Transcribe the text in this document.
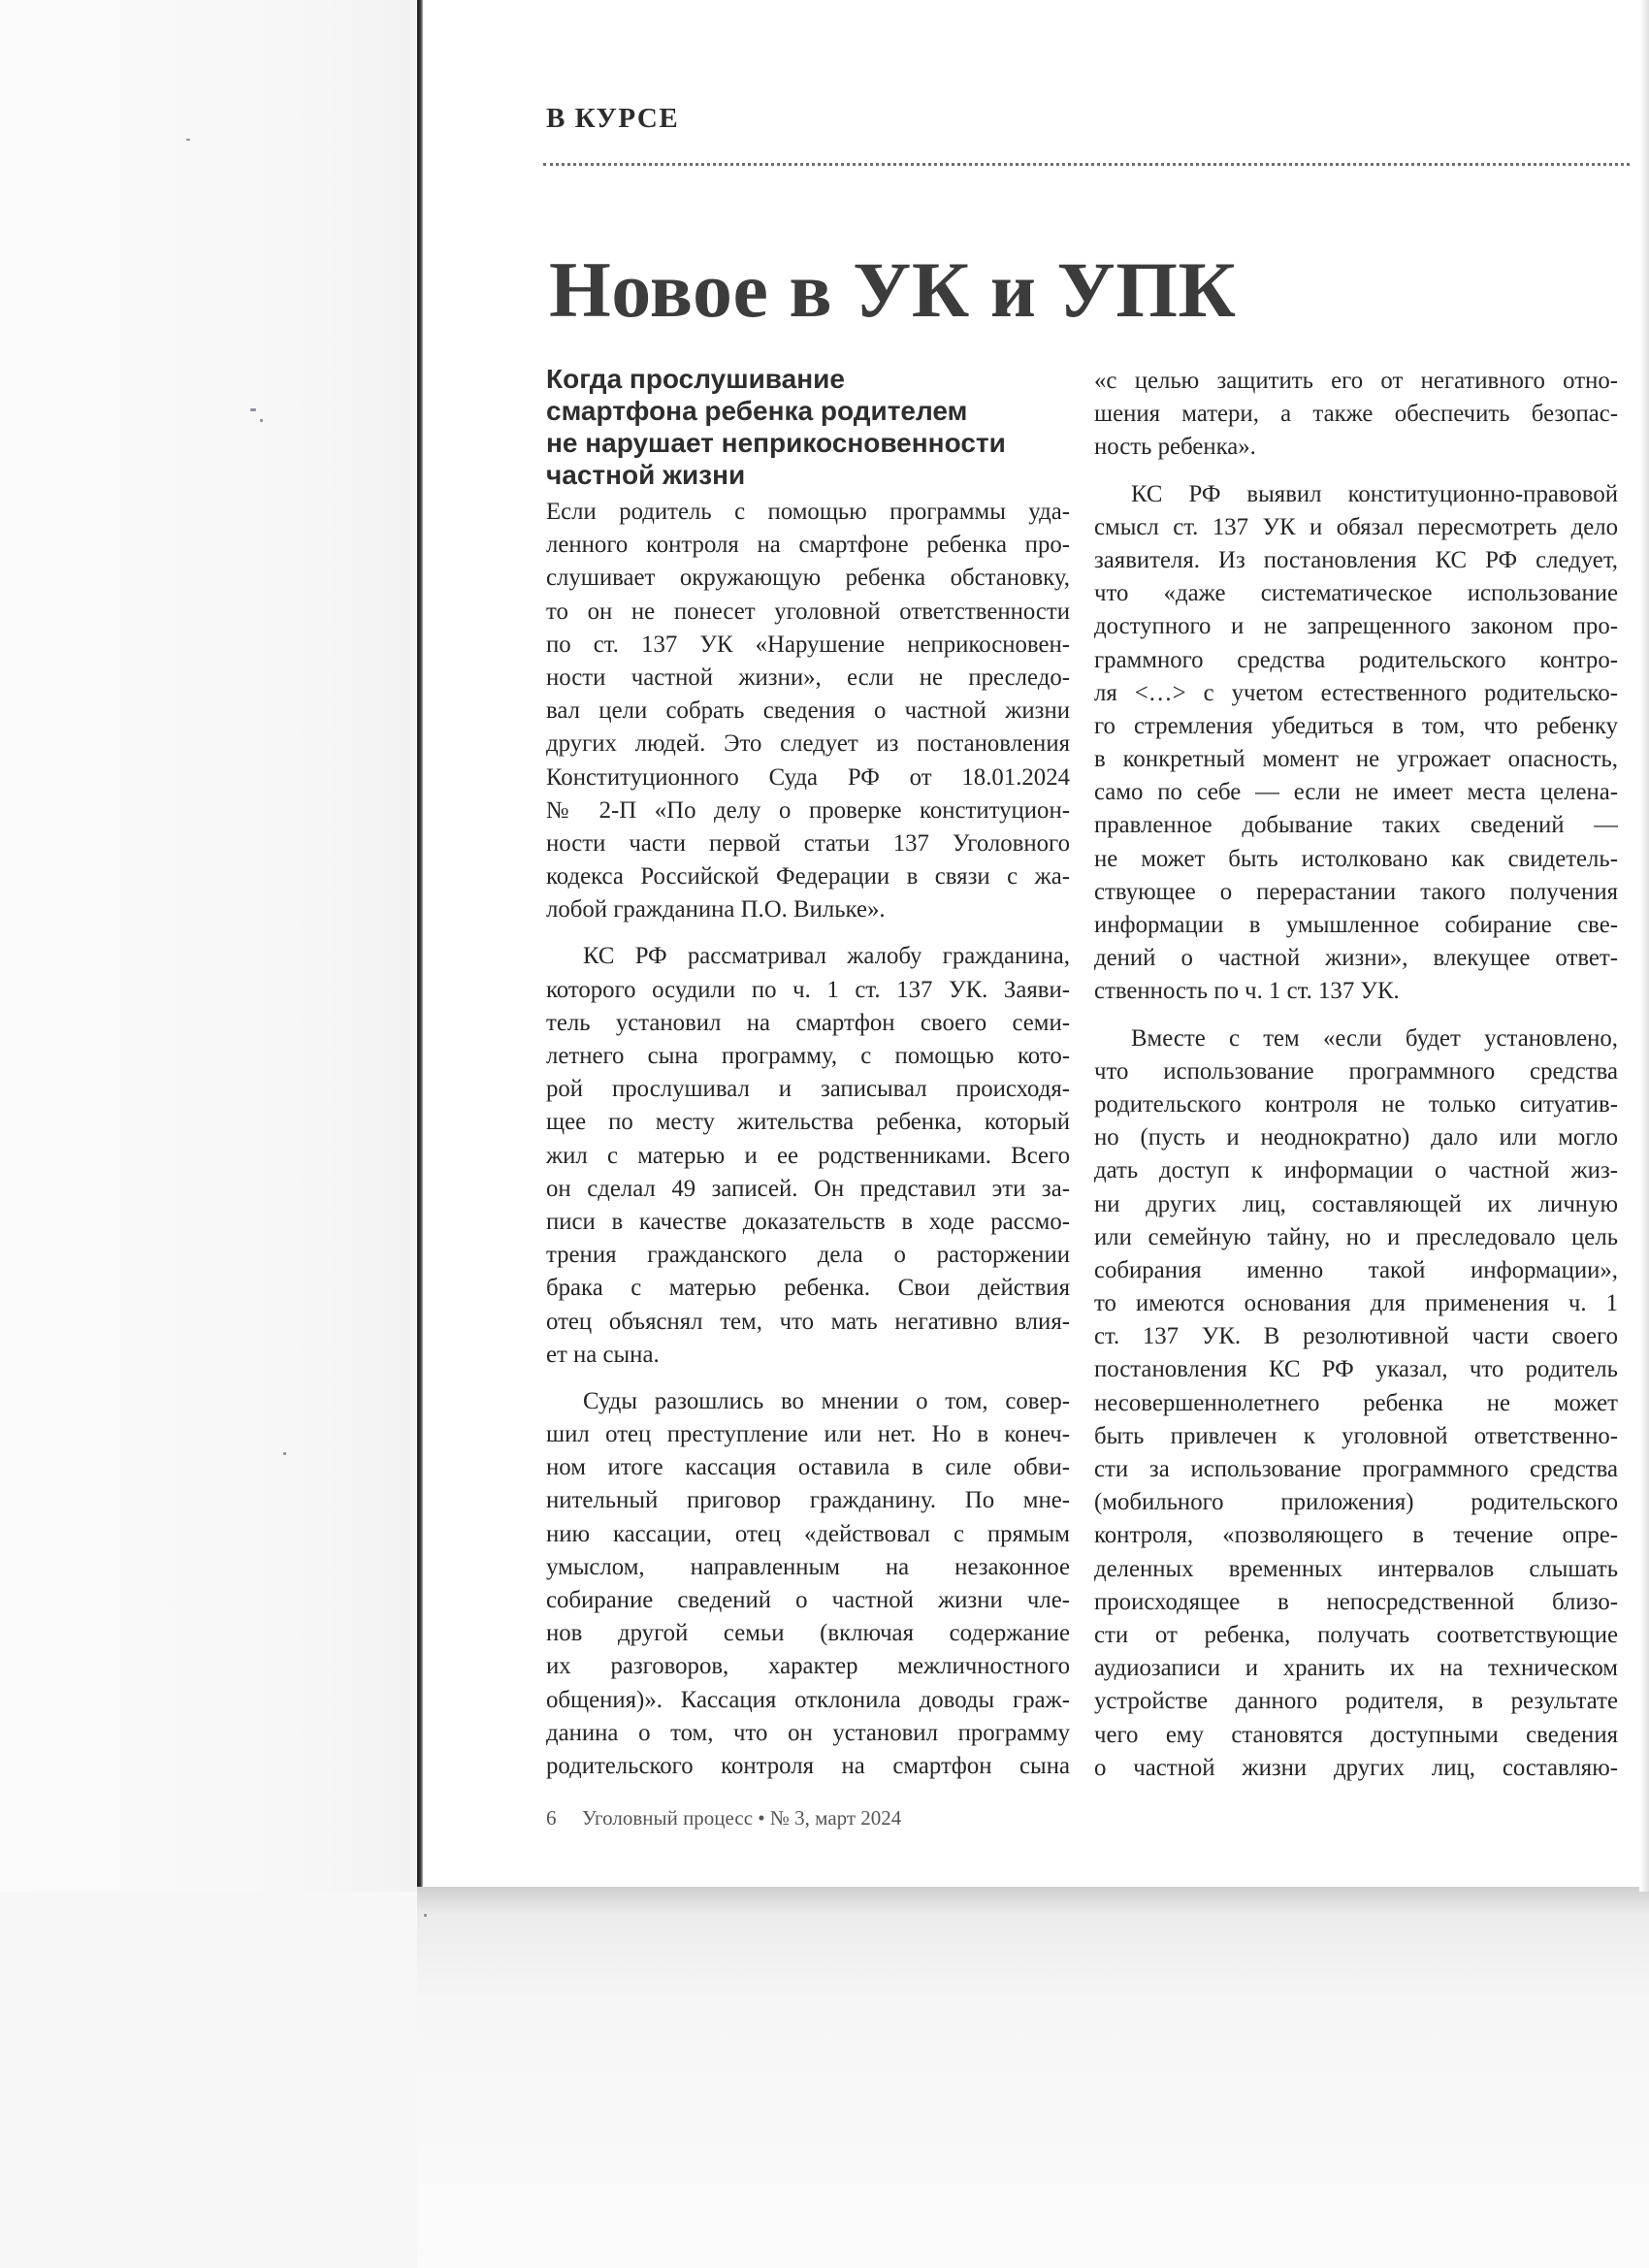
В КУРСЕ
Новое в УК и УПК
Когда прослушивание
смартфона ребенка родителем
не нарушает неприкосновенности
частной жизни
Если родитель с помощью программы уда-
ленного контроля на смартфоне ребенка про-
слушивает окружающую ребенка обстановку,
то он не понесет уголовной ответственности
по ст. 137 УК «Нарушение неприкосновен-
ности частной жизни», если не преследо-
вал цели собрать сведения о частной жизни
других людей. Это следует из постановления
Конституционного Суда РФ от 18.01.2024
№ 2-П «По делу о проверке конституцион-
ности части первой статьи 137 Уголовного
кодекса Российской Федерации в связи с жа-
лобой гражданина П.О. Вильке».
КС РФ рассматривал жалобу гражданина,
которого осудили по ч. 1 ст. 137 УК. Заяви-
тель установил на смартфон своего семи-
летнего сына программу, с помощью кото-
рой прослушивал и записывал происходя-
щее по месту жительства ребенка, который
жил с матерью и ее родственниками. Всего
он сделал 49 записей. Он представил эти за-
писи в качестве доказательств в ходе рассмо-
трения гражданского дела о расторжении
брака с матерью ребенка. Свои действия
отец объяснял тем, что мать негативно влия-
ет на сына.
Суды разошлись во мнении о том, совер-
шил отец преступление или нет. Но в конеч-
ном итоге кассация оставила в силе обви-
нительный приговор гражданину. По мне-
нию кассации, отец «действовал с прямым
умыслом, направленным на незаконное
собирание сведений о частной жизни чле-
нов другой семьи (включая содержание
их разговоров, характер межличностного
общения)». Кассация отклонила доводы граж-
данина о том, что он установил программу
родительского контроля на смартфон сына
«с целью защитить его от негативного отно-
шения матери, а также обеспечить безопас-
ность ребенка».
КС РФ выявил конституционно-правовой
смысл ст. 137 УК и обязал пересмотреть дело
заявителя. Из постановления КС РФ следует,
что «даже систематическое использование
доступного и не запрещенного законом про-
граммного средства родительского контро-
ля <…> с учетом естественного родительско-
го стремления убедиться в том, что ребенку
в конкретный момент не угрожает опасность,
само по себе — если не имеет места целена-
правленное добывание таких сведений —
не может быть истолковано как свидетель-
ствующее о перерастании такого получения
информации в умышленное собирание све-
дений о частной жизни», влекущее ответ-
ственность по ч. 1 ст. 137 УК.
Вместе с тем «если будет установлено,
что использование программного средства
родительского контроля не только ситуатив-
но (пусть и неоднократно) дало или могло
дать доступ к информации о частной жиз-
ни других лиц, составляющей их личную
или семейную тайну, но и преследовало цель
собирания именно такой информации»,
то имеются основания для применения ч. 1
ст. 137 УК. В резолютивной части своего
постановления КС РФ указал, что родитель
несовершеннолетнего ребенка не может
быть привлечен к уголовной ответственно-
сти за использование программного средства
(мобильного приложения) родительского
контроля, «позволяющего в течение опре-
деленных временных интервалов слышать
происходящее в непосредственной близо-
сти от ребенка, получать соответствующие
аудиозаписи и хранить их на техническом
устройстве данного родителя, в результате
чего ему становятся доступными сведения
о частной жизни других лиц, составляю-
6 Уголовный процесс • № 3, март 2024
